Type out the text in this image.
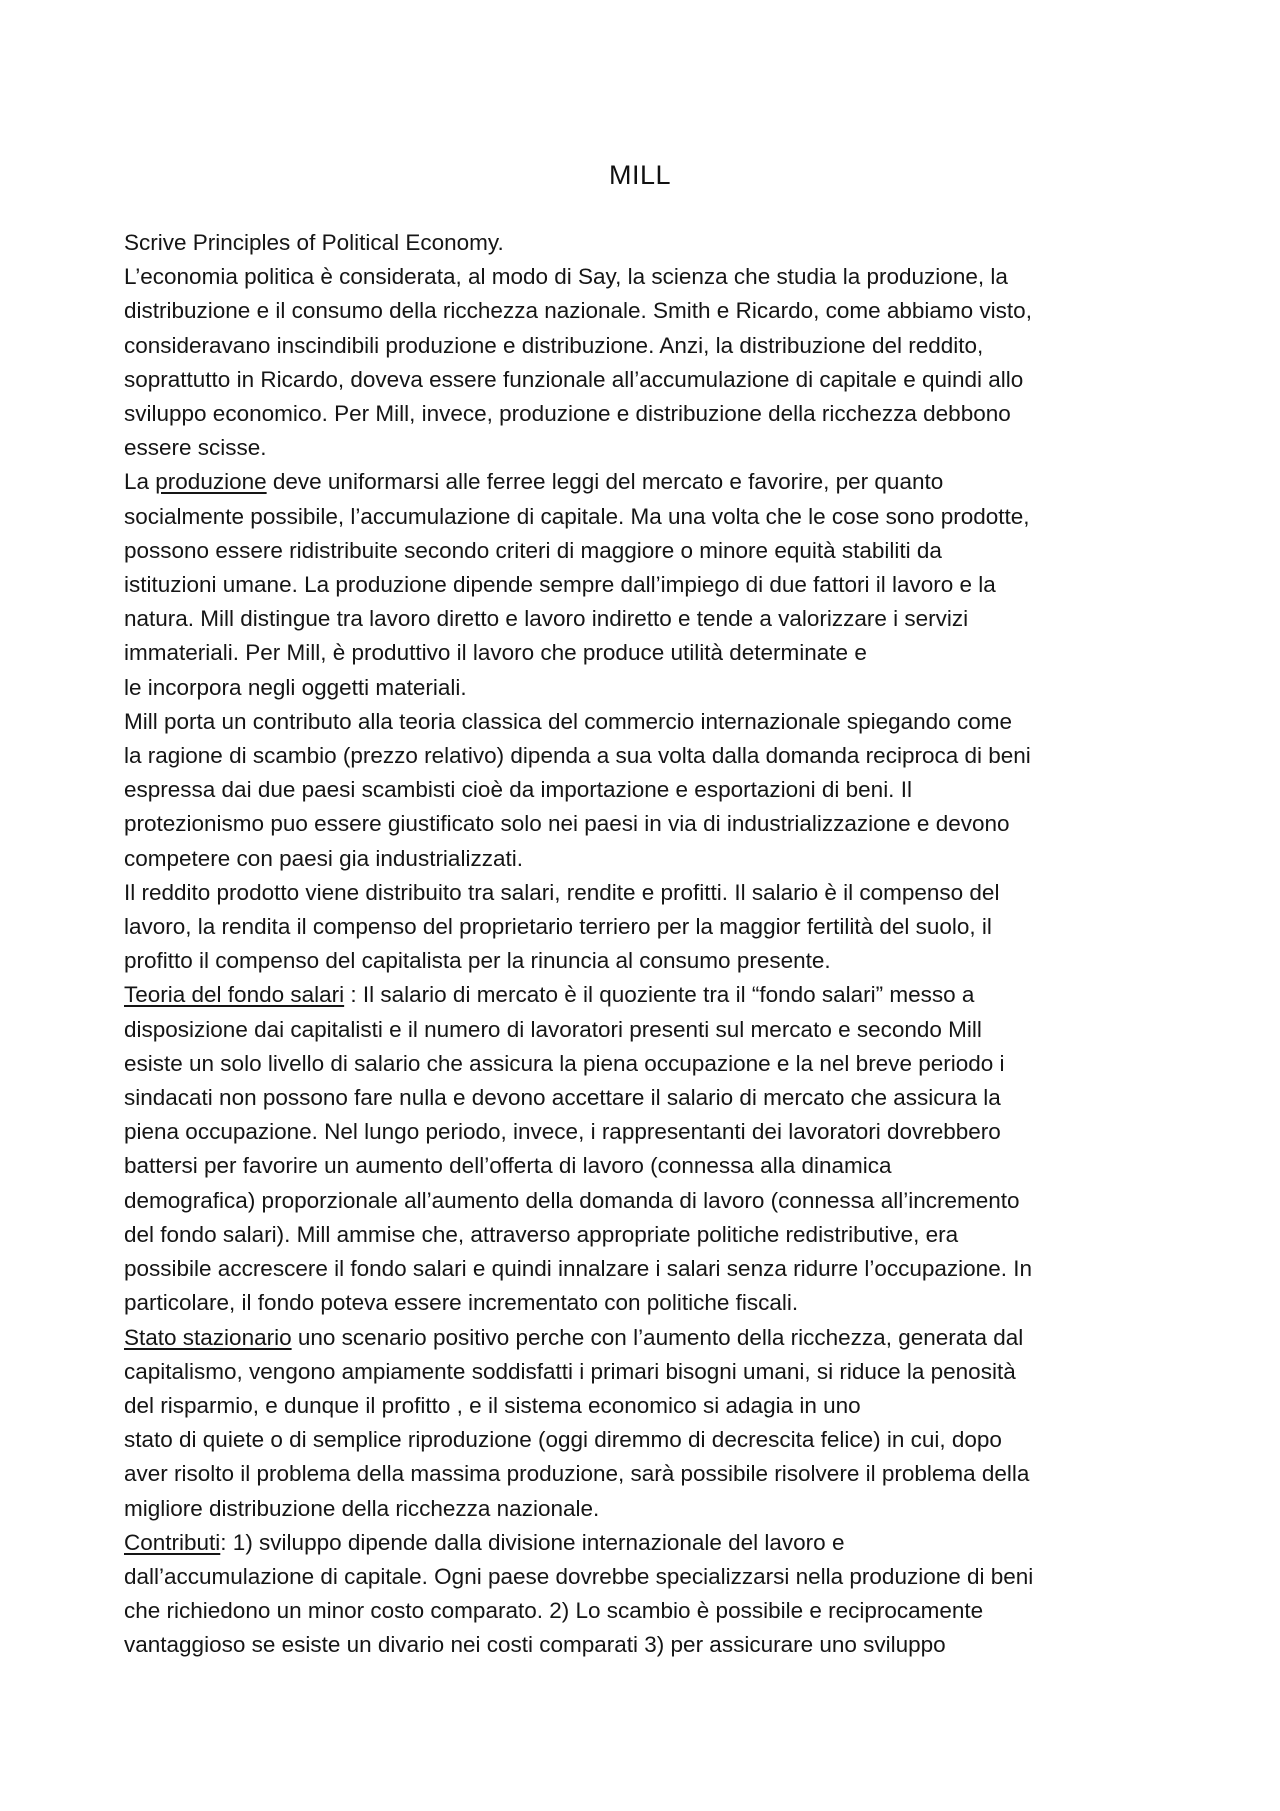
MILL
Scrive Principles of Political Economy.
L’economia politica è considerata, al modo di Say, la scienza che studia la produzione, la
distribuzione e il consumo della ricchezza nazionale. Smith e Ricardo, come abbiamo visto,
consideravano inscindibili produzione e distribuzione. Anzi, la distribuzione del reddito,
soprattutto in Ricardo, doveva essere funzionale all’accumulazione di capitale e quindi allo
sviluppo economico. Per Mill, invece, produzione e distribuzione della ricchezza debbono
essere scisse.
La produzione deve uniformarsi alle ferree leggi del mercato e favorire, per quanto
socialmente possibile, l’accumulazione di capitale. Ma una volta che le cose sono prodotte,
possono essere ridistribuite secondo criteri di maggiore o minore equità stabiliti da
istituzioni umane. La produzione dipende sempre dall’impiego di due fattori il lavoro e la
natura. Mill distingue tra lavoro diretto e lavoro indiretto e tende a valorizzare i servizi
immateriali. Per Mill, è produttivo il lavoro che produce utilità determinate e
le incorpora negli oggetti materiali.
Mill porta un contributo alla teoria classica del commercio internazionale spiegando come
la ragione di scambio (prezzo relativo) dipenda a sua volta dalla domanda reciproca di beni
espressa dai due paesi scambisti cioè da importazione e esportazioni di beni. Il
protezionismo puo essere giustificato solo nei paesi in via di industrializzazione e devono
competere con paesi gia industrializzati.
Il reddito prodotto viene distribuito tra salari, rendite e profitti. Il salario è il compenso del
lavoro, la rendita il compenso del proprietario terriero per la maggior fertilità del suolo, il
profitto il compenso del capitalista per la rinuncia al consumo presente.
Teoria del fondo salari : Il salario di mercato è il quoziente tra il “fondo salari” messo a
disposizione dai capitalisti e il numero di lavoratori presenti sul mercato e secondo Mill
esiste un solo livello di salario che assicura la piena occupazione e la nel breve periodo i
sindacati non possono fare nulla e devono accettare il salario di mercato che assicura la
piena occupazione. Nel lungo periodo, invece, i rappresentanti dei lavoratori dovrebbero
battersi per favorire un aumento dell’offerta di lavoro (connessa alla dinamica
demografica) proporzionale all’aumento della domanda di lavoro (connessa all’incremento
del fondo salari). Mill ammise che, attraverso appropriate politiche redistributive, era
possibile accrescere il fondo salari e quindi innalzare i salari senza ridurre l’occupazione. In
particolare, il fondo poteva essere incrementato con politiche fiscali.
Stato stazionario uno scenario positivo perche con l’aumento della ricchezza, generata dal
capitalismo, vengono ampiamente soddisfatti i primari bisogni umani, si riduce la penosità
del risparmio, e dunque il profitto , e il sistema economico si adagia in uno
stato di quiete o di semplice riproduzione (oggi diremmo di decrescita felice) in cui, dopo
aver risolto il problema della massima produzione, sarà possibile risolvere il problema della
migliore distribuzione della ricchezza nazionale.
Contributi: 1) sviluppo dipende dalla divisione internazionale del lavoro e
dall’accumulazione di capitale. Ogni paese dovrebbe specializzarsi nella produzione di beni
che richiedono un minor costo comparato. 2) Lo scambio è possibile e reciprocamente
vantaggioso se esiste un divario nei costi comparati 3) per assicurare uno sviluppo
